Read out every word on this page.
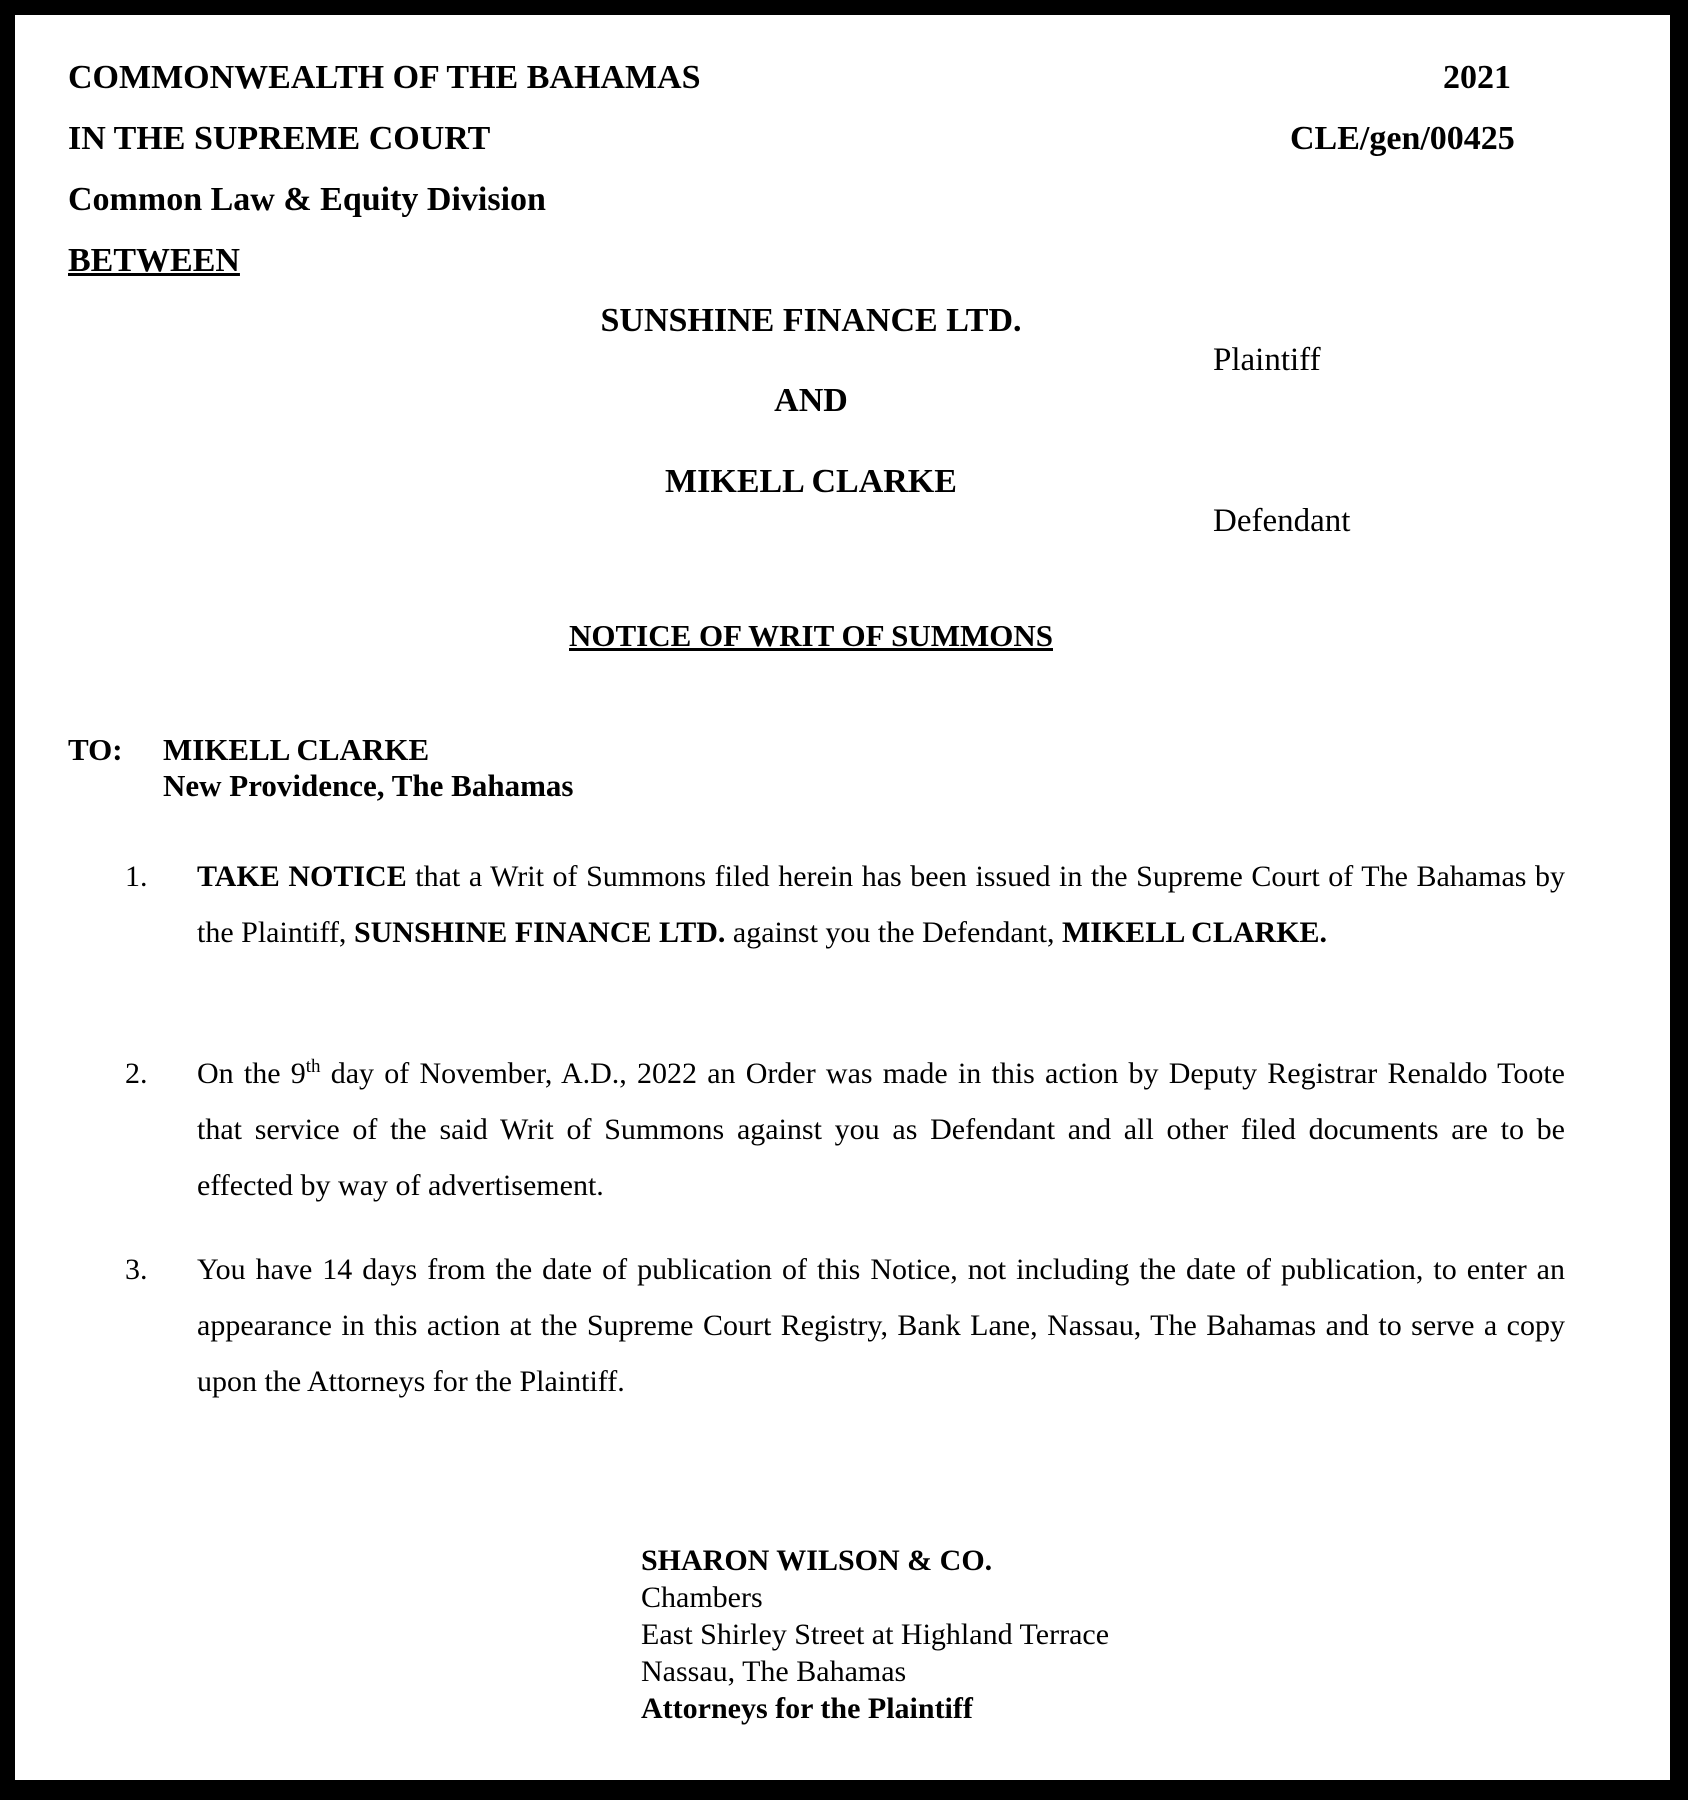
COMMONWEALTH OF THE BAHAMAS	2021
IN THE SUPREME COURT	CLE/gen/00425
Common Law & Equity Division
BETWEEN
SUNSHINE FINANCE LTD.
Plaintiff
AND
MIKELL CLARKE
Defendant
NOTICE OF WRIT OF SUMMONS
TO: MIKELL CLARKE
New Providence, The Bahamas
1. TAKE NOTICE that a Writ of Summons filed herein has been issued in the Supreme Court of The Bahamas by the Plaintiff, SUNSHINE FINANCE LTD. against you the Defendant, MIKELL CLARKE.
2. On the 9th day of November, A.D., 2022 an Order was made in this action by Deputy Registrar Renaldo Toote that service of the said Writ of Summons against you as Defendant and all other filed documents are to be effected by way of advertisement.
3. You have 14 days from the date of publication of this Notice, not including the date of publication, to enter an appearance in this action at the Supreme Court Registry, Bank Lane, Nassau, The Bahamas and to serve a copy upon the Attorneys for the Plaintiff.
SHARON WILSON & CO.
Chambers
East Shirley Street at Highland Terrace
Nassau, The Bahamas
Attorneys for the Plaintiff
